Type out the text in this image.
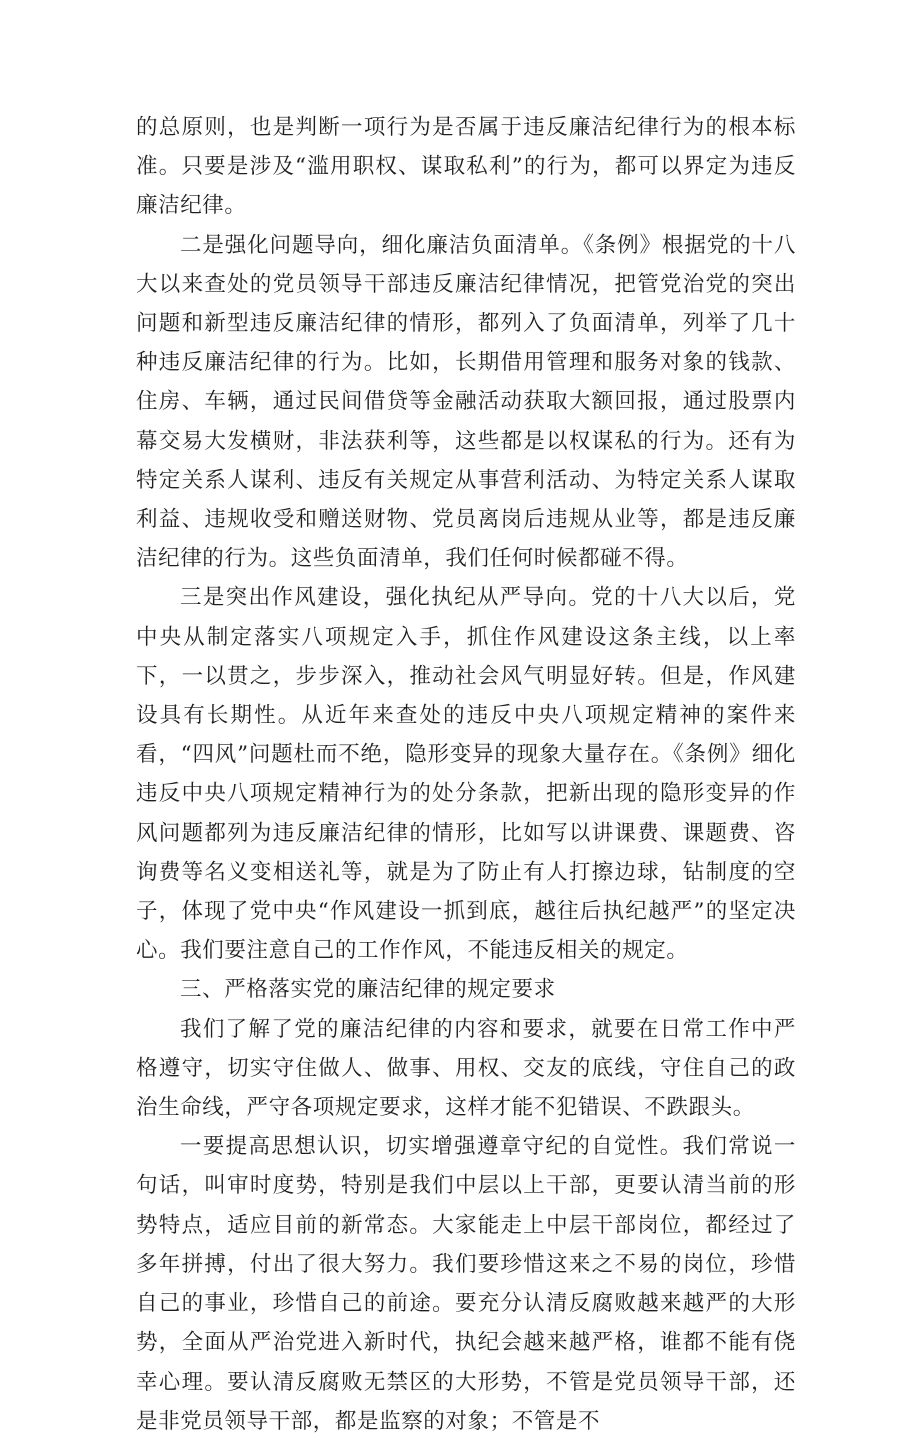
的总原则，也是判断一项行为是否属于违反廉洁纪律行为的根本标准。只要是涉及“滥用职权、谋取私利”的行为，都可以界定为违反廉洁纪律。

二是强化问题导向，细化廉洁负面清单。《条例》根据党的十八大以来查处的党员领导干部违反廉洁纪律情况，把管党治党的突出问题和新型违反廉洁纪律的情形，都列入了负面清单，列举了几十种违反廉洁纪律的行为。比如，长期借用管理和服务对象的钱款、住房、车辆，通过民间借贷等金融活动获取大额回报，通过股票内幕交易大发横财，非法获利等，这些都是以权谋私的行为。还有为特定关系人谋利、违反有关规定从事营利活动、为特定关系人谋取利益、违规收受和赠送财物、党员离岗后违规从业等，都是违反廉洁纪律的行为。这些负面清单，我们任何时候都碰不得。

三是突出作风建设，强化执纪从严导向。党的十八大以后，党中央从制定落实八项规定入手，抓住作风建设这条主线，以上率下，一以贯之，步步深入，推动社会风气明显好转。但是，作风建设具有长期性。从近年来查处的违反中央八项规定精神的案件来看，“四风”问题杜而不绝，隐形变异的现象大量存在。《条例》细化违反中央八项规定精神行为的处分条款，把新出现的隐形变异的作风问题都列为违反廉洁纪律的情形，比如写以讲课费、课题费、咨询费等名义变相送礼等，就是为了防止有人打擦边球，钻制度的空子，体现了党中央“作风建设一抓到底，越往后执纪越严”的坚定决心。我们要注意自己的工作作风，不能违反相关的规定。

三、严格落实党的廉洁纪律的规定要求

我们了解了党的廉洁纪律的内容和要求，就要在日常工作中严格遵守，切实守住做人、做事、用权、交友的底线，守住自己的政治生命线，严守各项规定要求，这样才能不犯错误、不跌跟头。

一要提高思想认识，切实增强遵章守纪的自觉性。我们常说一句话，叫审时度势，特别是我们中层以上干部，更要认清当前的形势特点，适应目前的新常态。大家能走上中层干部岗位，都经过了多年拼搏，付出了很大努力。我们要珍惜这来之不易的岗位，珍惜自己的事业，珍惜自己的前途。要充分认清反腐败越来越严的大形势，全面从严治党进入新时代，执纪会越来越严格，谁都不能有侥幸心理。要认清反腐败无禁区的大形势，不管是党员领导干部，还是非党员领导干部，都是监察的对象；不管是不
